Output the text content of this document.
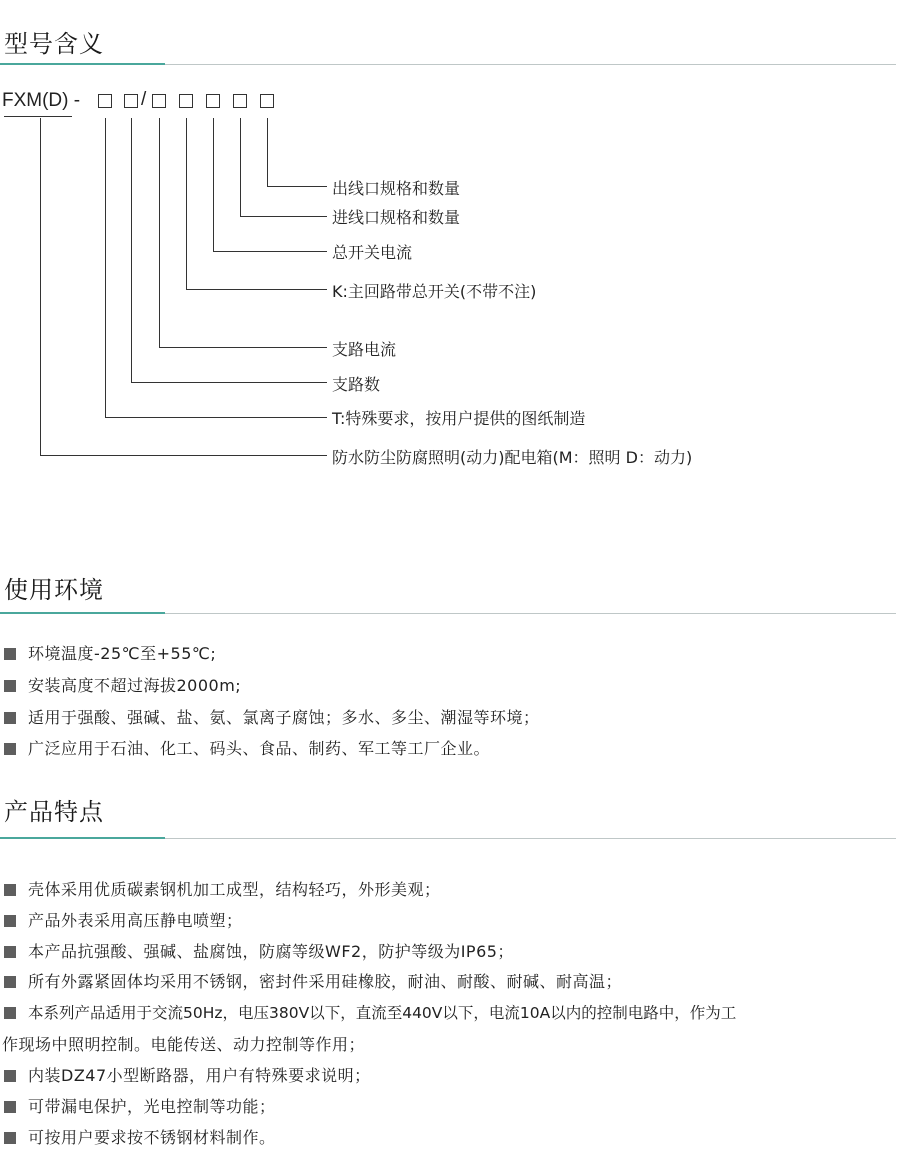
型号含义
FXM(D) -	/
出线口规格和数量
进线口规格和数量
总开关电流
K:主回路带总开关(不带不注)
支路电流
支路数
T:特殊要求，按用户提供的图纸制造
防水防尘防腐照明(动力)配电箱(M：照明 D：动力)
使用环境
环境温度-25℃至+55℃;
安装高度不超过海拔2000m;
适用于强酸、强碱、盐、氨、氯离子腐蚀；多水、多尘、潮湿等环境；
广泛应用于石油、化工、码头、食品、制药、军工等工厂企业。
产品特点
壳体采用优质碳素钢机加工成型，结构轻巧，外形美观；
产品外表采用高压静电喷塑；
本产品抗强酸、强碱、盐腐蚀，防腐等级WF2，防护等级为IP65；
所有外露紧固体均采用不锈钢，密封件采用硅橡胶，耐油、耐酸、耐碱、耐高温；
本系列产品适用于交流50Hz，电压380V以下，直流至440V以下，电流10A以内的控制电路中，作为工
作现场中照明控制。电能传送、动力控制等作用；
内装DZ47小型断路器，用户有特殊要求说明；
可带漏电保护，光电控制等功能；
可按用户要求按不锈钢材料制作。
